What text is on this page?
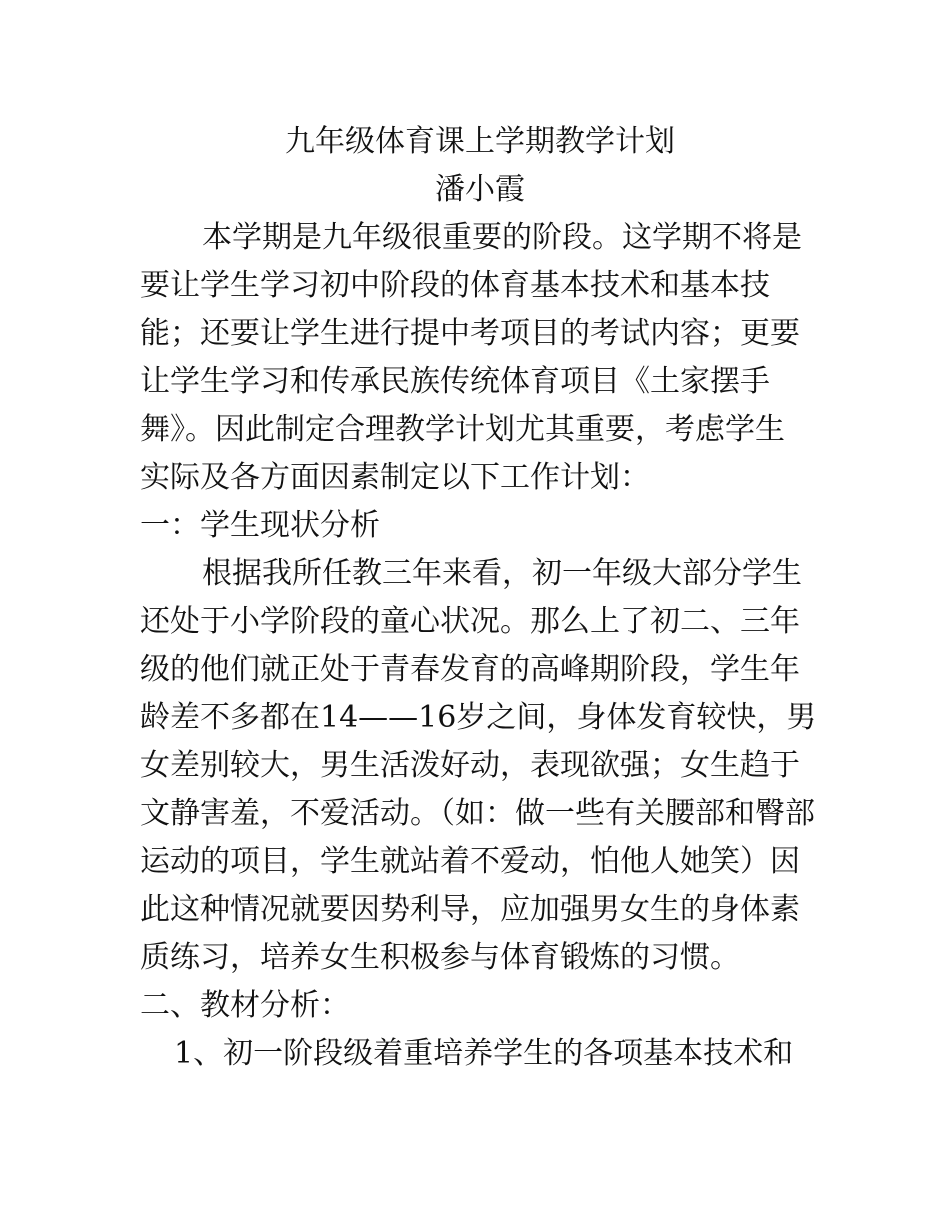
九年级体育课上学期教学计划
潘小霞
本学期是九年级很重要的阶段。这学期不将是
要让学生学习初中阶段的体育基本技术和基本技
能；还要让学生进行提中考项目的考试内容；更要
让学生学习和传承民族传统体育项目《土家摆手
舞》。因此制定合理教学计划尤其重要，考虑学生
实际及各方面因素制定以下工作计划：
一：学生现状分析
根据我所任教三年来看，初一年级大部分学生
还处于小学阶段的童心状况。那么上了初二、三年
级的他们就正处于青春发育的高峰期阶段，学生年
龄差不多都在14——16岁之间，身体发育较快，男
女差别较大，男生活泼好动，表现欲强；女生趋于
文静害羞，不爱活动。（如：做一些有关腰部和臀部
运动的项目，学生就站着不爱动，怕他人她笑）因
此这种情况就要因势利导，应加强男女生的身体素
质练习，培养女生积极参与体育锻炼的习惯。
二、教材分析：
1、初一阶段级着重培养学生的各项基本技术和
